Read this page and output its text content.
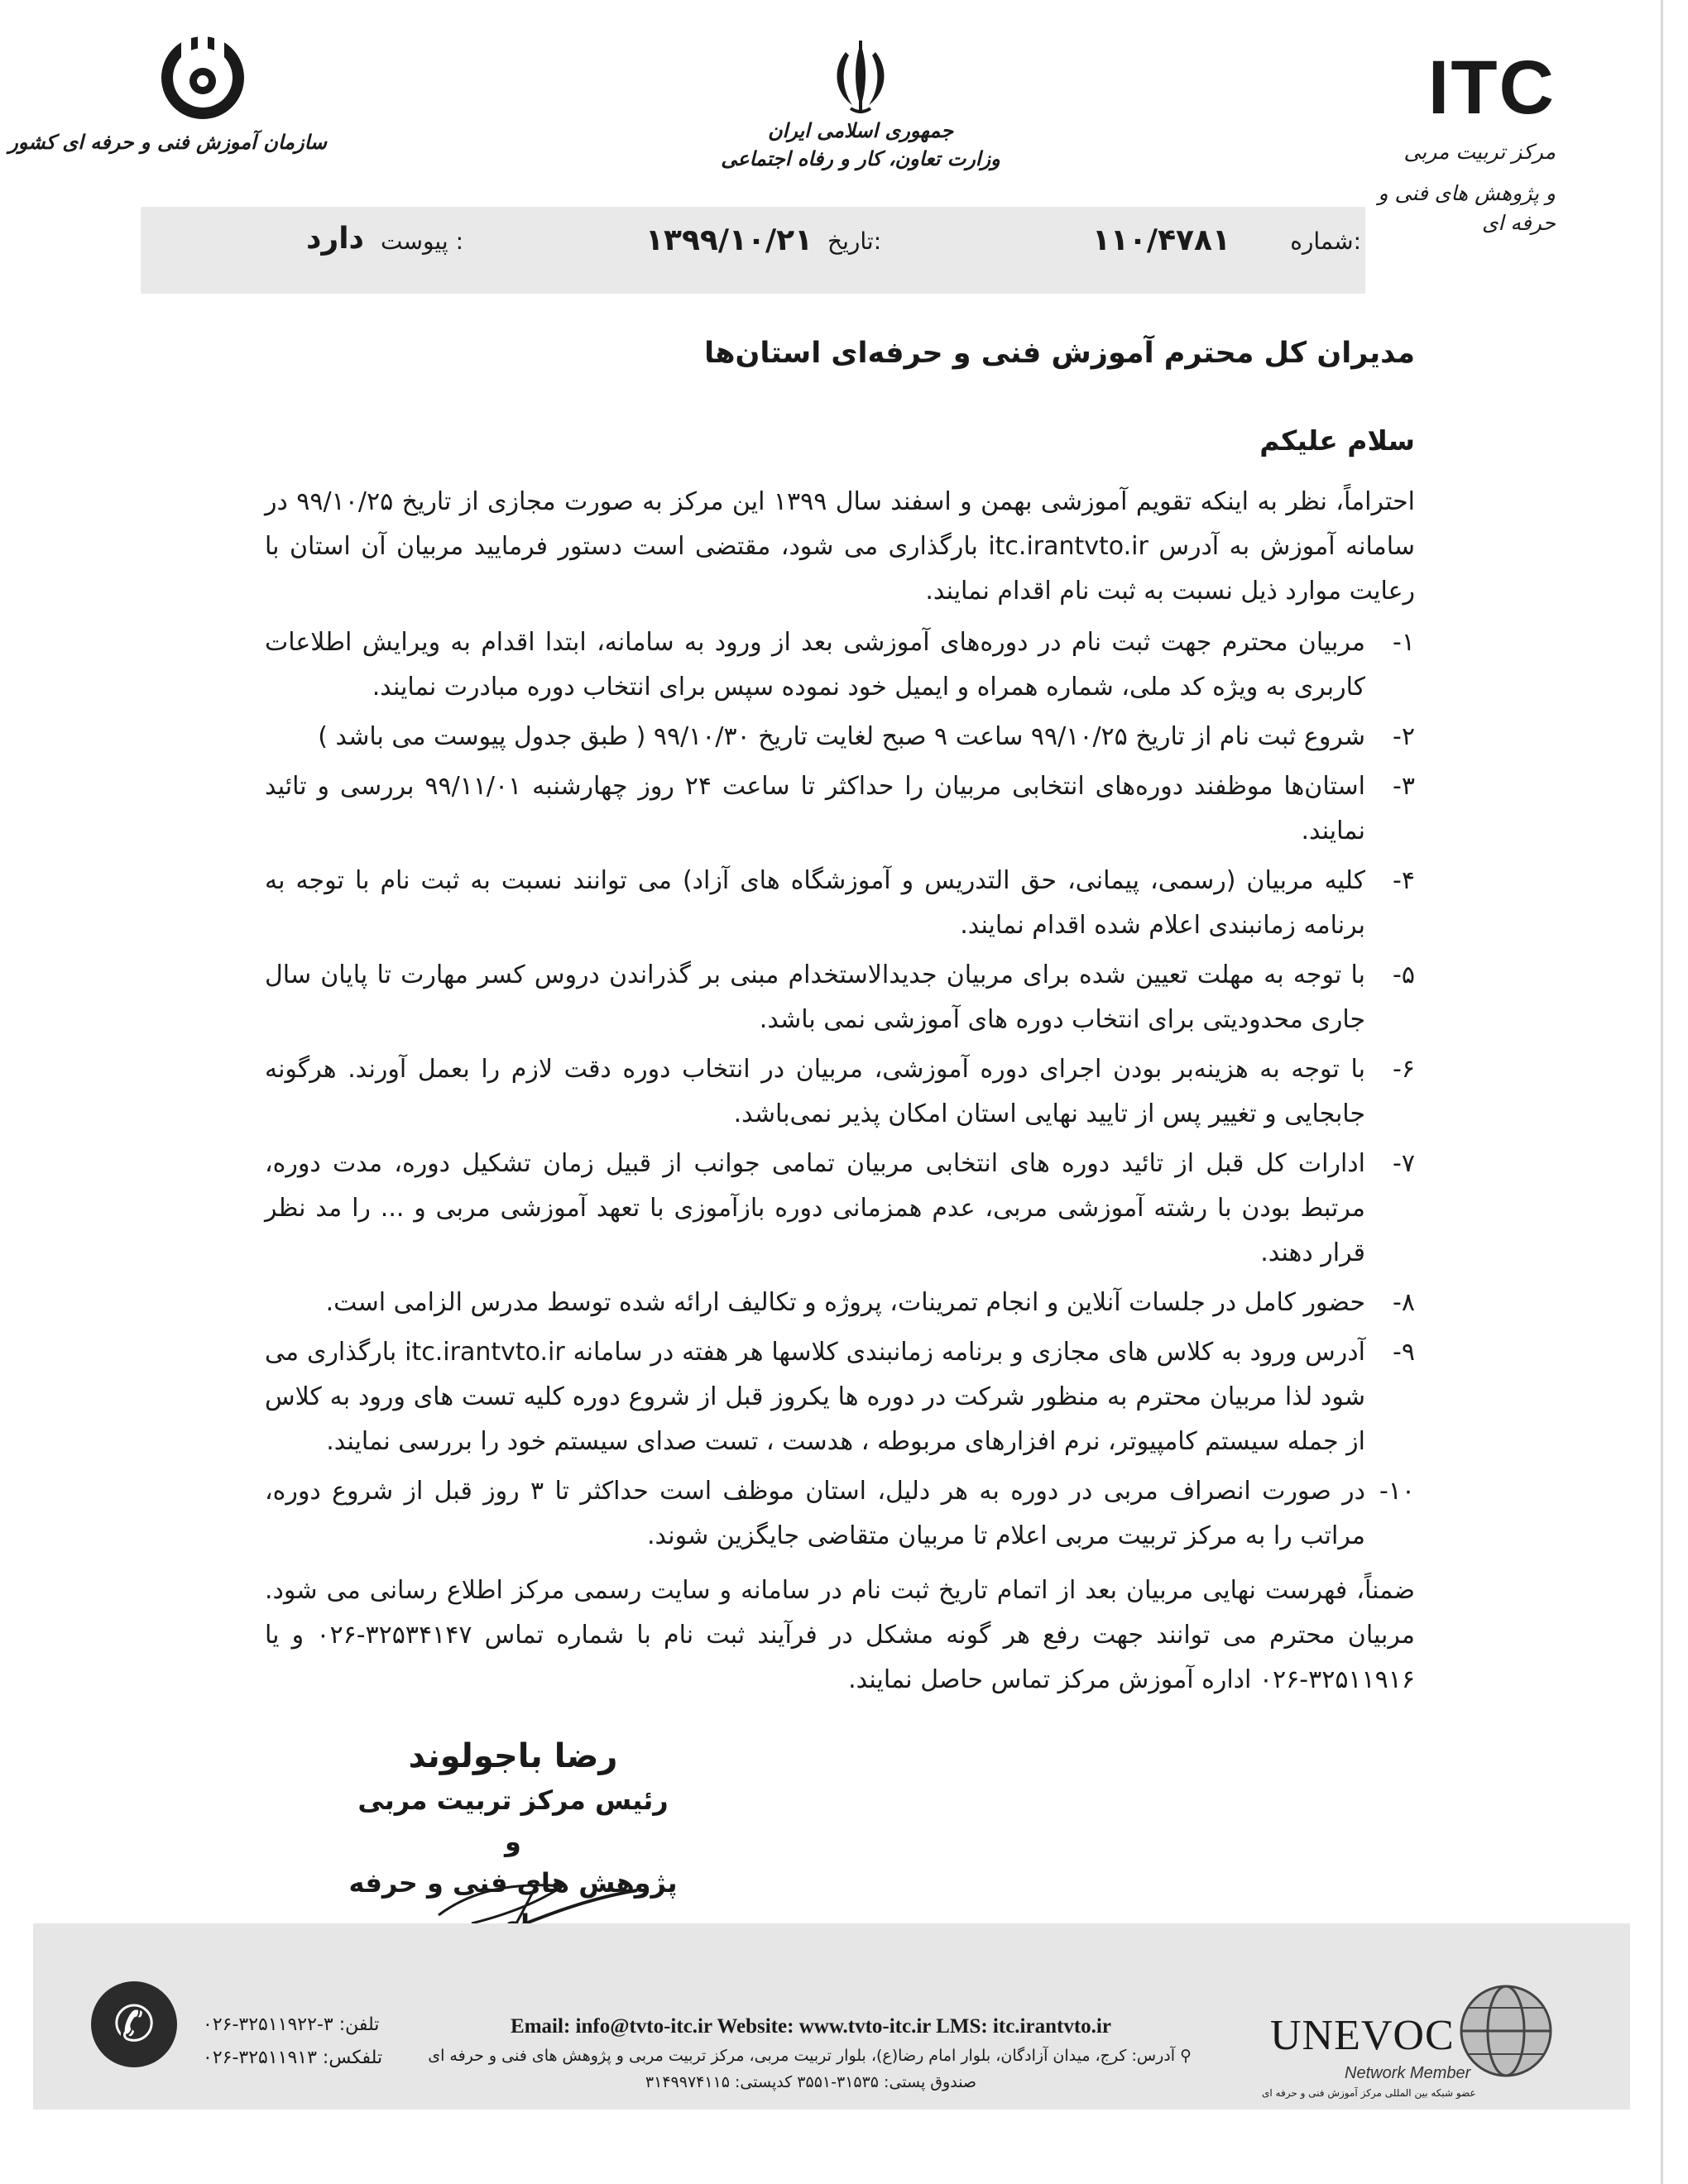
ITC
مرکز تربیت مربی
و پژوهش های فنی و حرفه ای
جمهوری اسلامی ایران
وزارت تعاون، کار و رفاه اجتماعی
سازمان آموزش فنی و حرفه ای کشور
شماره:
۱۱۰/۴۷۸۱
تاریخ:
۱۳۹۹/۱۰/۲۱
پیوست :
دارد

مدیران کل محترم آموزش فنی و حرفه‌ای استان‌ها

سلام علیکم

احتراماً، نظر به اینکه تقویم آموزشی بهمن و اسفند سال ۱۳۹۹ این مرکز به صورت مجازی از تاریخ ۹۹/۱۰/۲۵ در سامانه آموزش به آدرس itc.irantvto.ir بارگذاری می شود، مقتضی است دستور فرمایید مربیان آن استان با رعایت موارد ذیل نسبت به ثبت نام اقدام نمایند.

۱-
مربیان محترم جهت ثبت نام در دوره‌های آموزشی بعد از ورود به سامانه، ابتدا اقدام به ویرایش اطلاعات کاربری به ویژه کد ملی، شماره همراه و ایمیل خود نموده سپس برای انتخاب دوره مبادرت نمایند.
۲-
شروع ثبت نام از تاریخ ۹۹/۱۰/۲۵ ساعت ۹ صبح لغایت تاریخ ۹۹/۱۰/۳۰ ( طبق جدول پیوست می باشد )
۳-
استان‌ها موظفند دوره‌های انتخابی مربیان را حداکثر تا ساعت ۲۴ روز چهارشنبه ۹۹/۱۱/۰۱ بررسی و تائید نمایند.
۴-
کلیه مربیان (رسمی، پیمانی، حق التدریس و آموزشگاه های آزاد) می توانند نسبت به ثبت نام با توجه به برنامه زمانبندی اعلام شده اقدام نمایند.
۵-
با توجه به مهلت تعیین شده برای مربیان جدیدالاستخدام مبنی بر گذراندن دروس کسر مهارت تا پایان سال جاری محدودیتی برای انتخاب دوره های آموزشی نمی باشد.
۶-
با توجه به هزینه‌بر بودن اجرای دوره آموزشی، مربیان در انتخاب دوره دقت لازم را بعمل آورند. هرگونه جابجایی و تغییر پس از تایید نهایی استان امکان پذیر نمی‌باشد.
۷-
ادارات کل قبل از تائید دوره های انتخابی مربیان تمامی جوانب از قبیل زمان تشکیل دوره، مدت دوره، مرتبط بودن با رشته آموزشی مربی، عدم همزمانی دوره بازآموزی با تعهد آموزشی مربی و ... را مد نظر قرار دهند.
۸-
حضور کامل در جلسات آنلاین و انجام تمرینات، پروژه و تکالیف ارائه شده توسط مدرس الزامی است.
۹-
آدرس ورود به کلاس های مجازی و برنامه زمانبندی کلاسها هر هفته در سامانه itc.irantvto.ir بارگذاری می شود لذا مربیان محترم به منظور شرکت در دوره ها یکروز قبل از شروع دوره کلیه تست های ورود به کلاس از جمله سیستم کامپیوتر، نرم افزارهای مربوطه ، هدست ، تست صدای سیستم خود را بررسی نمایند.
۱۰-
در صورت انصراف مربی در دوره به هر دلیل، استان موظف است حداکثر تا ۳ روز قبل از شروع دوره، مراتب را به مرکز تربیت مربی اعلام تا مربیان متقاضی جایگزین شوند.

ضمناً، فهرست نهایی مربیان بعد از اتمام تاریخ ثبت نام در سامانه و سایت رسمی مرکز اطلاع رسانی می شود. مربیان محترم می توانند جهت رفع هر گونه مشکل در فرآیند ثبت نام با شماره تماس ۳۲۵۳۴۱۴۷-۰۲۶ و یا ۳۲۵۱۱۹۱۶-۰۲۶ اداره آموزش مرکز تماس حاصل نمایند.

رضا باجولوند
رئیس مرکز تربیت مربی و
پژوهش های فنی و حرفه
✆	تلفن: ۳-۳۲۵۱۱۹۲۲-۰۲۶
تلفکس: ۳۲۵۱۱۹۱۳-۰۲۶
Email: info@tvto-itc.ir Website: www.tvto-itc.ir LMS: itc.irantvto.ir
⚲ آدرس: کرج، میدان آزادگان، بلوار امام رضا(ع)، بلوار تربیت مربی، مرکز تربیت مربی و پژوهش های فنی و حرفه ای
صندوق پستی: ۳۱۵۳۵-۳۵۵۱ کدپستی: ۳۱۴۹۹۷۴۱۱۵
UNEVOC
Network Member
عضو شبکه بین المللی مرکز آموزش فنی و حرفه ای
